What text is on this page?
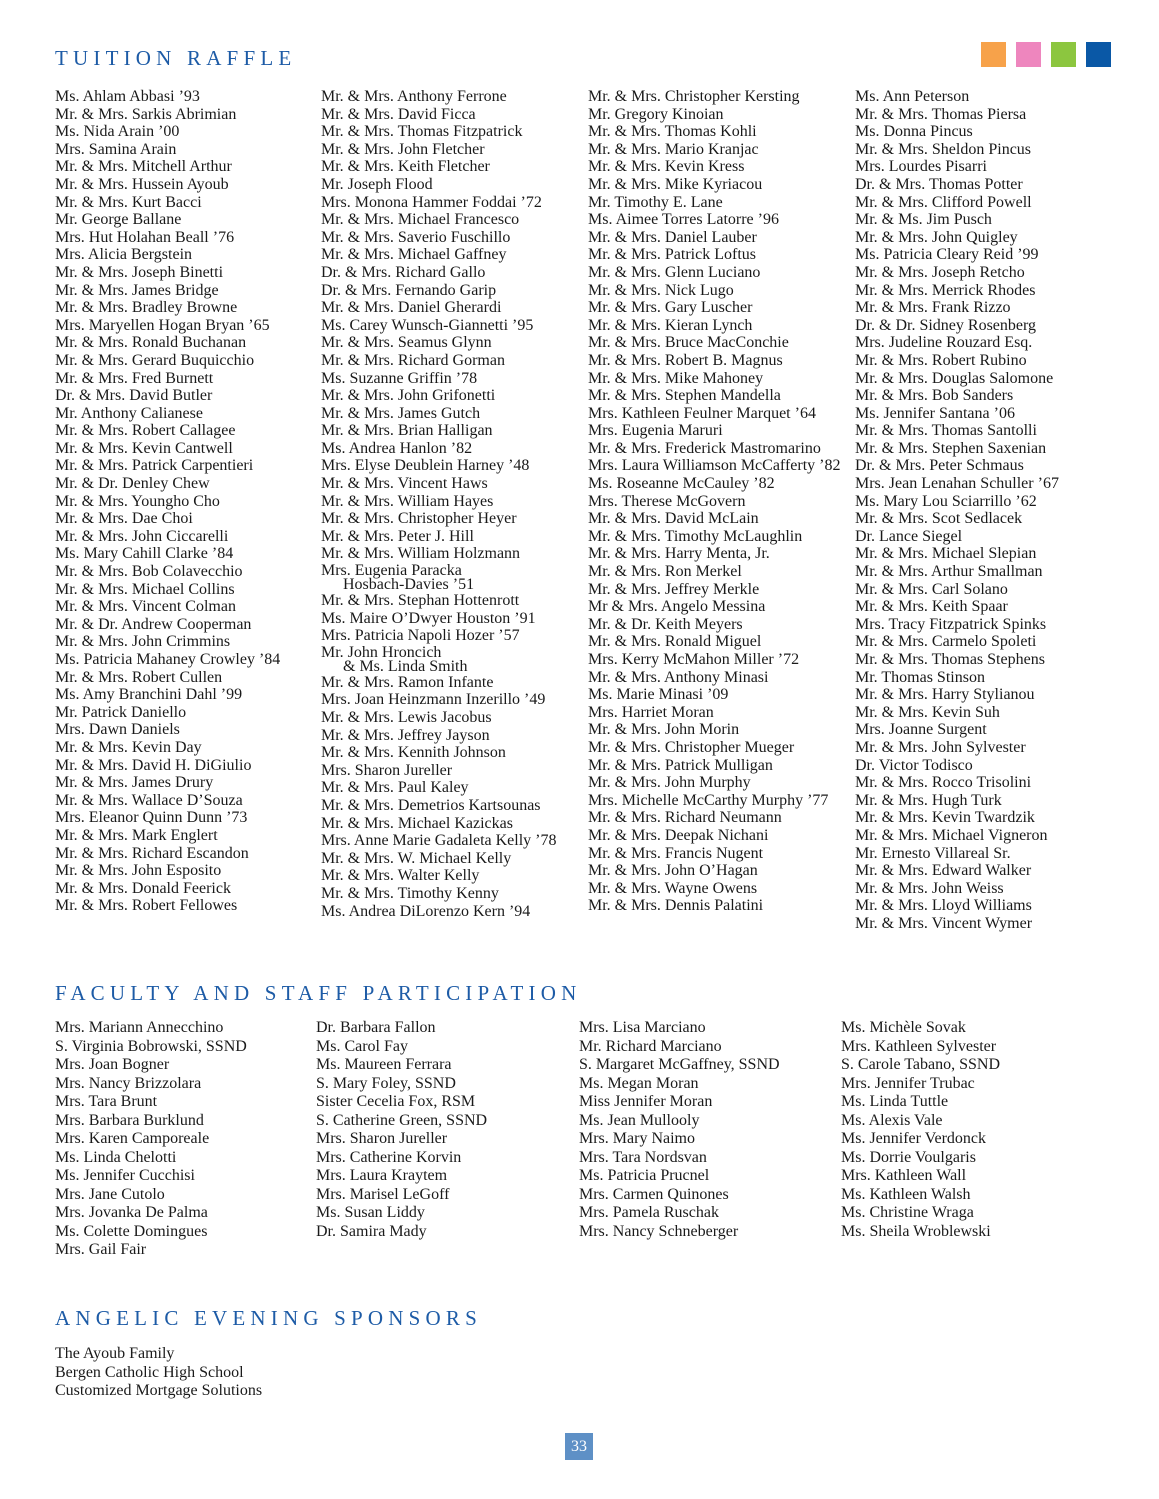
TUITION RAFFLE
Ms. Ahlam Abbasi ’93
Mr. & Mrs. Sarkis Abrimian
Ms. Nida Arain ’00
Mrs. Samina Arain
Mr. & Mrs. Mitchell Arthur
Mr. & Mrs. Hussein Ayoub
Mr. & Mrs. Kurt Bacci
Mr. George Ballane
Mrs. Hut Holahan Beall ’76
Mrs. Alicia Bergstein
Mr. & Mrs. Joseph Binetti
Mr. & Mrs. James Bridge
Mr. & Mrs. Bradley Browne
Mrs. Maryellen Hogan Bryan ’65
Mr. & Mrs. Ronald Buchanan
Mr. & Mrs. Gerard Buquicchio
Mr. & Mrs. Fred Burnett
Dr. & Mrs. David Butler
Mr. Anthony Calianese
Mr. & Mrs. Robert Callagee
Mr. & Mrs. Kevin Cantwell
Mr. & Mrs. Patrick Carpentieri
Mr. & Dr. Denley Chew
Mr. & Mrs. Youngho Cho
Mr. & Mrs. Dae Choi
Mr. & Mrs. John Ciccarelli
Ms. Mary Cahill Clarke ’84
Mr. & Mrs. Bob Colavecchio
Mr. & Mrs. Michael Collins
Mr. & Mrs. Vincent Colman
Mr. & Dr. Andrew Cooperman
Mr. & Mrs. John Crimmins
Ms. Patricia Mahaney Crowley ’84
Mr. & Mrs. Robert Cullen
Ms. Amy Branchini Dahl ’99
Mr. Patrick Daniello
Mrs. Dawn Daniels
Mr. & Mrs. Kevin Day
Mr. & Mrs. David H. DiGiulio
Mr. & Mrs. James Drury
Mr. & Mrs. Wallace D’Souza
Mrs. Eleanor Quinn Dunn ’73
Mr. & Mrs. Mark Englert
Mr. & Mrs. Richard Escandon
Mr. & Mrs. John Esposito
Mr. & Mrs. Donald Feerick
Mr. & Mrs. Robert Fellowes
Mr. & Mrs. Anthony Ferrone
Mr. & Mrs. David Ficca
Mr. & Mrs. Thomas Fitzpatrick
Mr. & Mrs. John Fletcher
Mr. & Mrs. Keith Fletcher
Mr. Joseph Flood
Mrs. Monona Hammer Foddai ’72
Mr. & Mrs. Michael Francesco
Mr. & Mrs. Saverio Fuschillo
Mr. & Mrs. Michael Gaffney
Dr. & Mrs. Richard Gallo
Dr. & Mrs. Fernando Garip
Mr. & Mrs. Daniel Gherardi
Ms. Carey Wunsch-Giannetti ’95
Mr. & Mrs. Seamus Glynn
Mr. & Mrs. Richard Gorman
Ms. Suzanne Griffin ’78
Mr. & Mrs. John Grifonetti
Mr. & Mrs. James Gutch
Mr. & Mrs. Brian Halligan
Ms. Andrea Hanlon ’82
Mrs. Elyse Deublein Harney ’48
Mr. & Mrs. Vincent Haws
Mr. & Mrs. William Hayes
Mr. & Mrs. Christopher Heyer
Mr. & Mrs. Peter J. Hill
Mr. & Mrs. William Holzmann
Mrs. Eugenia Paracka
Hosbach-Davies ’51
Mr. & Mrs. Stephan Hottenrott
Ms. Maire O’Dwyer Houston ’91
Mrs. Patricia Napoli Hozer ’57
Mr. John Hroncich
& Ms. Linda Smith
Mr. & Mrs. Ramon Infante
Mrs. Joan Heinzmann Inzerillo ’49
Mr. & Mrs. Lewis Jacobus
Mr. & Mrs. Jeffrey Jayson
Mr. & Mrs. Kennith Johnson
Mrs. Sharon Jureller
Mr. & Mrs. Paul Kaley
Mr. & Mrs. Demetrios Kartsounas
Mr. & Mrs. Michael Kazickas
Mrs. Anne Marie Gadaleta Kelly ’78
Mr. & Mrs. W. Michael Kelly
Mr. & Mrs. Walter Kelly
Mr. & Mrs. Timothy Kenny
Ms. Andrea DiLorenzo Kern ’94
Mr. & Mrs. Christopher Kersting
Mr. Gregory Kinoian
Mr. & Mrs. Thomas Kohli
Mr. & Mrs. Mario Kranjac
Mr. & Mrs. Kevin Kress
Mr. & Mrs. Mike Kyriacou
Mr. Timothy E. Lane
Ms. Aimee Torres Latorre ’96
Mr. & Mrs. Daniel Lauber
Mr. & Mrs. Patrick Loftus
Mr. & Mrs. Glenn Luciano
Mr. & Mrs. Nick Lugo
Mr. & Mrs. Gary Luscher
Mr. & Mrs. Kieran Lynch
Mr. & Mrs. Bruce MacConchie
Mr. & Mrs. Robert B. Magnus
Mr. & Mrs. Mike Mahoney
Mr. & Mrs. Stephen Mandella
Mrs. Kathleen Feulner Marquet ’64
Mrs. Eugenia Maruri
Mr. & Mrs. Frederick Mastromarino
Mrs. Laura Williamson McCafferty ’82
Ms. Roseanne McCauley ’82
Mrs. Therese McGovern
Mr. & Mrs. David McLain
Mr. & Mrs. Timothy McLaughlin
Mr. & Mrs. Harry Menta, Jr.
Mr. & Mrs. Ron Merkel
Mr. & Mrs. Jeffrey Merkle
Mr & Mrs. Angelo Messina
Mr. & Dr. Keith Meyers
Mr. & Mrs. Ronald Miguel
Mrs. Kerry McMahon Miller ’72
Mr. & Mrs. Anthony Minasi
Ms. Marie Minasi ’09
Mrs. Harriet Moran
Mr. & Mrs. John Morin
Mr. & Mrs. Christopher Mueger
Mr. & Mrs. Patrick Mulligan
Mr. & Mrs. John Murphy
Mrs. Michelle McCarthy Murphy ’77
Mr. & Mrs. Richard Neumann
Mr. & Mrs. Deepak Nichani
Mr. & Mrs. Francis Nugent
Mr. & Mrs. John O’Hagan
Mr. & Mrs. Wayne Owens
Mr. & Mrs. Dennis Palatini
Ms. Ann Peterson
Mr. & Mrs. Thomas Piersa
Ms. Donna Pincus
Mr. & Mrs. Sheldon Pincus
Mrs. Lourdes Pisarri
Dr. & Mrs. Thomas Potter
Mr. & Mrs. Clifford Powell
Mr. & Ms. Jim Pusch
Mr. & Mrs. John Quigley
Ms. Patricia Cleary Reid ’99
Mr. & Mrs. Joseph Retcho
Mr. & Mrs. Merrick Rhodes
Mr. & Mrs. Frank Rizzo
Dr. & Dr. Sidney Rosenberg
Mrs. Judeline Rouzard Esq.
Mr. & Mrs. Robert Rubino
Mr. & Mrs. Douglas Salomone
Mr. & Mrs. Bob Sanders
Ms. Jennifer Santana ’06
Mr. & Mrs. Thomas Santolli
Mr. & Mrs. Stephen Saxenian
Dr. & Mrs. Peter Schmaus
Mrs. Jean Lenahan Schuller ’67
Ms. Mary Lou Sciarrillo ’62
Mr. & Mrs. Scot Sedlacek
Dr. Lance Siegel
Mr. & Mrs. Michael Slepian
Mr. & Mrs. Arthur Smallman
Mr. & Mrs. Carl Solano
Mr. & Mrs. Keith Spaar
Mrs. Tracy Fitzpatrick Spinks
Mr. & Mrs. Carmelo Spoleti
Mr. & Mrs. Thomas Stephens
Mr. Thomas Stinson
Mr. & Mrs. Harry Stylianou
Mr. & Mrs. Kevin Suh
Mrs. Joanne Surgent
Mr. & Mrs. John Sylvester
Dr. Victor Todisco
Mr. & Mrs. Rocco Trisolini
Mr. & Mrs. Hugh Turk
Mr. & Mrs. Kevin Twardzik
Mr. & Mrs. Michael Vigneron
Mr. Ernesto Villareal Sr.
Mr. & Mrs. Edward Walker
Mr. & Mrs. John Weiss
Mr. & Mrs. Lloyd Williams
Mr. & Mrs. Vincent Wymer
FACULTY AND STAFF PARTICIPATION
Mrs. Mariann Annecchino
S. Virginia Bobrowski, SSND
Mrs. Joan Bogner
Mrs. Nancy Brizzolara
Mrs. Tara Brunt
Mrs. Barbara Burklund
Mrs. Karen Camporeale
Ms. Linda Chelotti
Ms. Jennifer Cucchisi
Mrs. Jane Cutolo
Mrs. Jovanka De Palma
Ms. Colette Domingues
Mrs. Gail Fair
Dr. Barbara Fallon
Ms. Carol Fay
Ms. Maureen Ferrara
S. Mary Foley, SSND
Sister Cecelia Fox, RSM
S. Catherine Green, SSND
Mrs. Sharon Jureller
Mrs. Catherine Korvin
Mrs. Laura Kraytem
Mrs. Marisel LeGoff
Ms. Susan Liddy
Dr. Samira Mady
Mrs. Lisa Marciano
Mr. Richard Marciano
S. Margaret McGaffney, SSND
Ms. Megan Moran
Miss Jennifer Moran
Ms. Jean Mullooly
Mrs. Mary Naimo
Mrs. Tara Nordsvan
Ms. Patricia Prucnel
Mrs. Carmen Quinones
Mrs. Pamela Ruschak
Mrs. Nancy Schneberger
Ms. Michèle Sovak
Mrs. Kathleen Sylvester
S. Carole Tabano, SSND
Mrs. Jennifer Trubac
Ms. Linda Tuttle
Ms. Alexis Vale
Ms. Jennifer Verdonck
Ms. Dorrie Voulgaris
Mrs. Kathleen Wall
Ms. Kathleen Walsh
Ms. Christine Wraga
Ms. Sheila Wroblewski
ANGELIC EVENING SPONSORS
The Ayoub Family
Bergen Catholic High School
Customized Mortgage Solutions
33
